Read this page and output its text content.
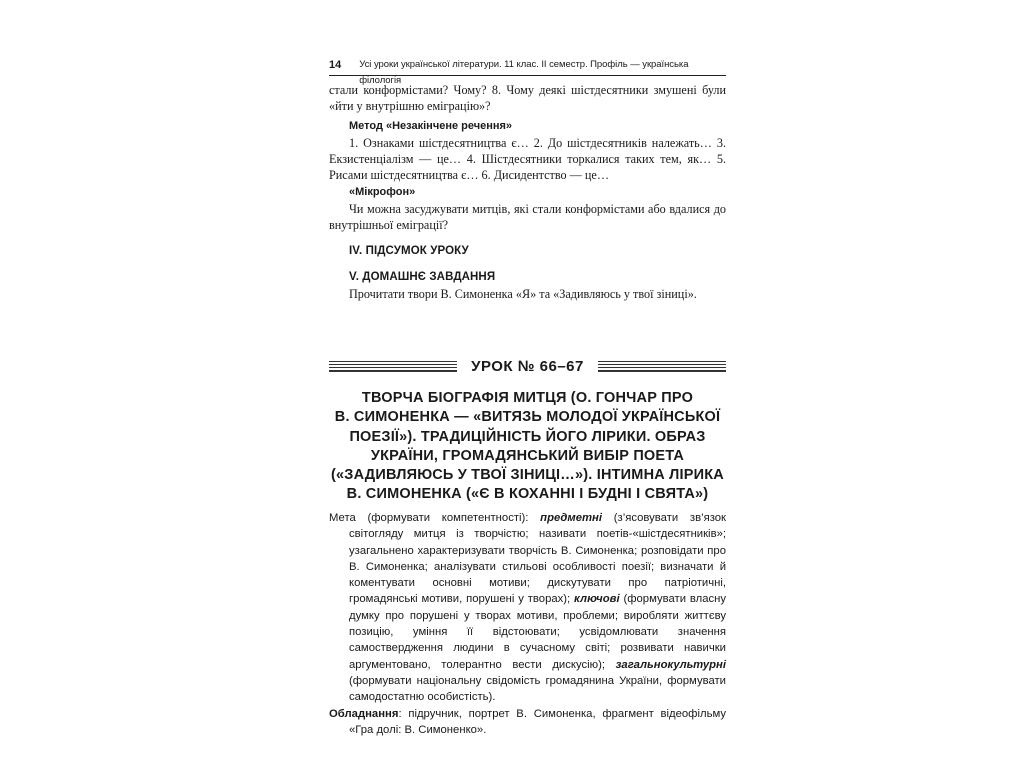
14 Усі уроки української літератури. 11 клас. ІІ семестр. Профіль — українська філологія

стали конформістами? Чому? 8. Чому деякі шістдесятники змушені були «йти у внутрішню еміграцію»?

Метод «Незакінчене речення»

1. Ознаками шістдесятництва є… 2. До шістдесятників належать… 3. Екзистенціалізм — це… 4. Шістдесятники торкалися таких тем, як… 5. Рисами шістдесятництва є… 6. Дисидентство — це…

«Мікрофон»

Чи можна засуджувати митців, які стали конформістами або вдалися до внутрішньої еміграції?

IV. ПІДСУМОК УРОКУ

V. ДОМАШНЄ ЗАВДАННЯ

Прочитати твори В. Симоненка «Я» та «Задивляюсь у твої зіниці».

УРОК № 66–67
ТВОРЧА БІОГРАФІЯ МИТЦЯ (О. ГОНЧАР ПРО
В. СИМОНЕНКА — «ВИТЯЗЬ МОЛОДОЇ УКРАЇНСЬКОЇ
ПОЕЗІЇ»). ТРАДИЦІЙНІСТЬ ЙОГО ЛІРИКИ. ОБРАЗ
УКРАЇНИ, ГРОМАДЯНСЬКИЙ ВИБІР ПОЕТА
(«ЗАДИВЛЯЮСЬ У ТВОЇ ЗІНИЦІ…»). ІНТИМНА ЛІРИКА
В. СИМОНЕНКА («Є В КОХАННІ І БУДНІ І СВЯТА»)

Мета (формувати компетентності): предметні (з’ясовувати зв’язок світогляду митця із творчістю; називати поетів-«шістдесятників»; узагальнено характеризувати творчість В. Симоненка; розповідати про В. Симоненка; аналізувати стильові особливості поезії; визначати й коментувати основні мотиви; дискутувати про патріотичні, громадянські мотиви, порушені у творах); ключові (формувати власну думку про порушені у творах мотиви, проблеми; виробляти життєву позицію, уміння її відстоювати; усвідомлювати значення самоствердження людини в сучасному світі; розвивати навички аргументовано, толерантно вести дискусію); загальнокультурні (формувати національну свідомість громадянина України, формувати самодостатню особистість).

Обладнання: підручник, портрет В. Симоненка, фрагмент відеофільму «Гра долі: В. Симоненко».
